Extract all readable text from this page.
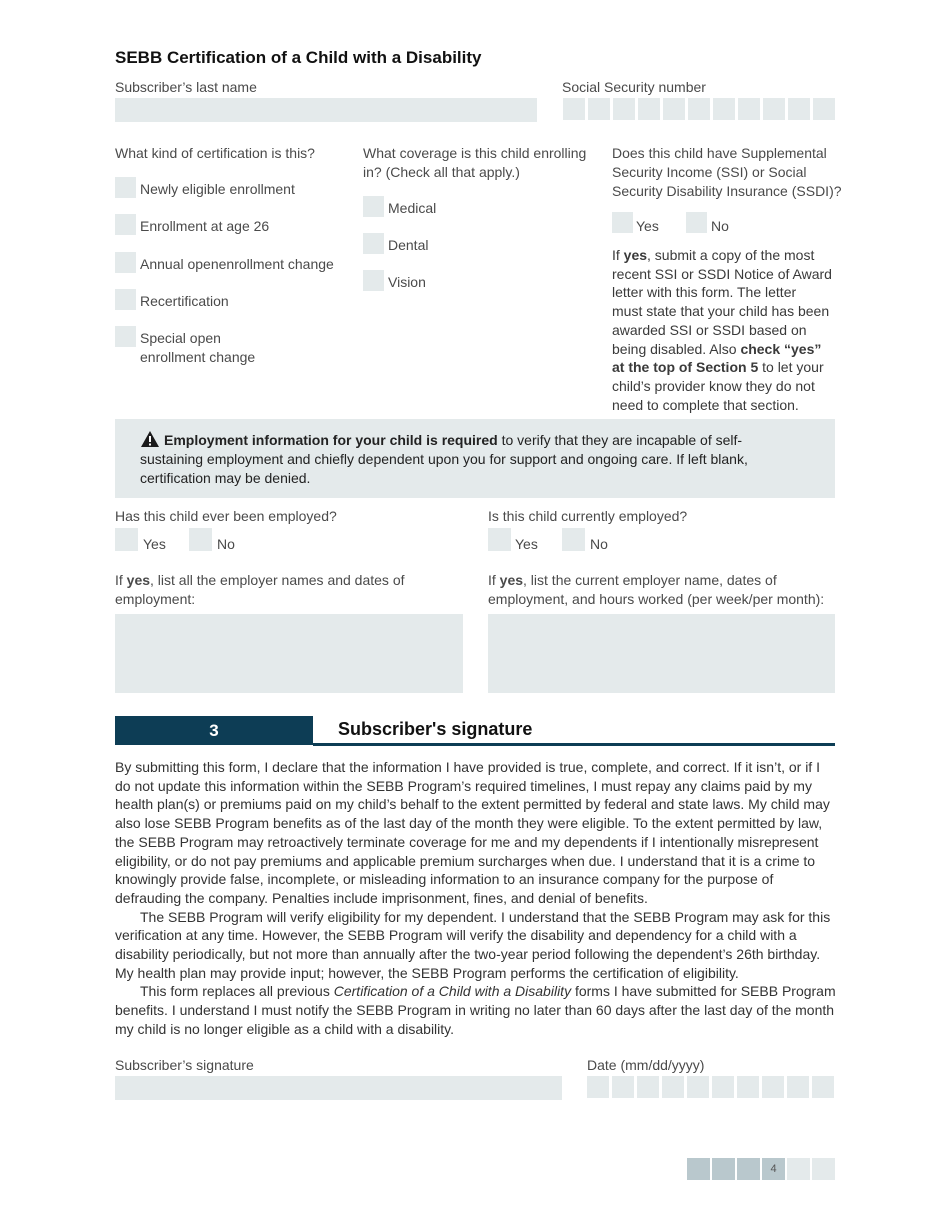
SEBB Certification of a Child with a Disability
Subscriber’s last name	Social Security number
What kind of certification is this?
Newly eligible enrollment
Enrollment at age 26
Annual openenrollment change
Recertification
Special open
enrollment change
What coverage is this child enrolling
in? (Check all that apply.)
Medical
Dental
Vision
Does this child have Supplemental
Security Income (SSI) or Social
Security Disability Insurance (SSDI)?
Yes	No
If yes, submit a copy of the most
recent SSI or SSDI Notice of Award
letter with this form. The letter
must state that your child has been
awarded SSI or SSDI based on
being disabled. Also check “yes”
at the top of Section 5 to let your
child’s provider know they do not
need to complete that section.
Employment information for your child is required to verify that they are incapable of self-sustaining employment and chiefly dependent upon you for support and ongoing care. If left blank, certification may be denied.
Has this child ever been employed?
Yes	No
Is this child currently employed?
Yes	No
If yes, list all the employer names and dates of
employment:
If yes, list the current employer name, dates of
employment, and hours worked (per week/per month):
3	Subscriber's signature

By submitting this form, I declare that the information I have provided is true, complete, and correct. If it isn’t, or if I do not update this information within the SEBB Program’s required timelines, I must repay any claims paid by my health plan(s) or premiums paid on my child’s behalf to the extent permitted by federal and state laws. My child may also lose SEBB Program benefits as of the last day of the month they were eligible. To the extent permitted by law, the SEBB Program may retroactively terminate coverage for me and my dependents if I intentionally misrepresent eligibility, or do not pay premiums and applicable premium surcharges when due. I understand that it is a crime to knowingly provide false, incomplete, or misleading information to an insurance company for the purpose of defrauding the company. Penalties include imprisonment, fines, and denial of benefits.

The SEBB Program will verify eligibility for my dependent. I understand that the SEBB Program may ask for this verification at any time. However, the SEBB Program will verify the disability and dependency for a child with a disability periodically, but not more than annually after the two-year period following the dependent’s 26th birthday. My health plan may provide input; however, the SEBB Program performs the certification of eligibility.

This form replaces all previous Certification of a Child with a Disability forms I have submitted for SEBB Program benefits. I understand I must notify the SEBB Program in writing no later than 60 days after the last day of the month my child is no longer eligible as a child with a disability.

Subscriber’s signature	Date (mm/dd/yyyy)
4
